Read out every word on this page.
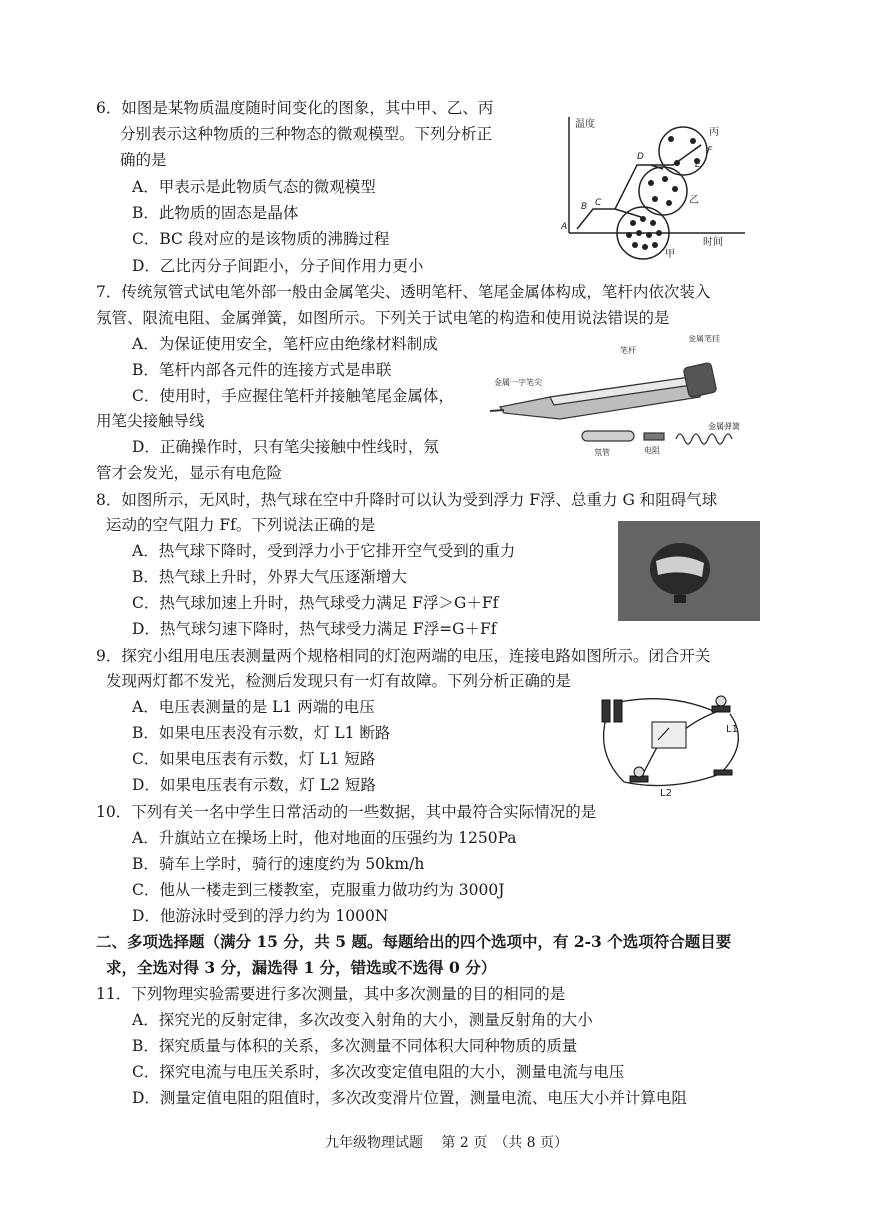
6．如图是某物质温度随时间变化的图象，其中甲、乙、丙
分别表示这种物质的三种物态的微观模型。下列分析正
确的是
A．甲表示是此物质气态的微观模型
B．此物质的固态是晶体
C．BC 段对应的是该物质的沸腾过程
D．乙比丙分子间距小，分子间作用力更小
温度
时间
A
B C
D
E
F
丙
乙
甲
7．传统氖管式试电笔外部一般由金属笔尖、透明笔杆、笔尾金属体构成，笔杆内依次装入
氖管、限流电阻、金属弹簧，如图所示。下列关于试电笔的构造和使用说法错误的是
A．为保证使用安全，笔杆应由绝缘材料制成
B．笔杆内部各元件的连接方式是串联
C．使用时，手应握住笔杆并接触笔尾金属体，
用笔尖接触导线
D．正确操作时，只有笔尖接触中性线时，氖
管才会发光，显示有电危险
笔杆
金属笔挂
金属一字笔尖
金属弹簧
氖管	电阻
8．如图所示，无风时，热气球在空中升降时可以认为受到浮力 F浮、总重力 G 和阻碍气球
运动的空气阻力 Ff。下列说法正确的是
A．热气球下降时，受到浮力小于它排开空气受到的重力
B．热气球上升时，外界大气压逐渐增大
C．热气球加速上升时，热气球受力满足 F浮＞G＋Ff
D．热气球匀速下降时，热气球受力满足 F浮=G＋Ff
9．探究小组用电压表测量两个规格相同的灯泡两端的电压，连接电路如图所示。闭合开关
发现两灯都不发光，检测后发现只有一灯有故障。下列分析正确的是
A．电压表测量的是 L1 两端的电压
B．如果电压表没有示数，灯 L1 断路
C．如果电压表有示数，灯 L1 短路
D．如果电压表有示数，灯 L2 短路
L1
L2
10．下列有关一名中学生日常活动的一些数据，其中最符合实际情况的是
A．升旗站立在操场上时，他对地面的压强约为 1250Pa
B．骑车上学时，骑行的速度约为 50km/h
C．他从一楼走到三楼教室，克服重力做功约为 3000J
D．他游泳时受到的浮力约为 1000N
二、多项选择题（满分 15 分，共 5 题。每题给出的四个选项中，有 2-3 个选项符合题目要
求，全选对得 3 分，漏选得 1 分，错选或不选得 0 分）
11．下列物理实验需要进行多次测量，其中多次测量的目的相同的是
A．探究光的反射定律，多次改变入射角的大小，测量反射角的大小
B．探究质量与体积的关系，多次测量不同体积大同种物质的质量
C．探究电流与电压关系时，多次改变定值电阻的大小，测量电流与电压
D．测量定值电阻的阻值时，多次改变滑片位置，测量电流、电压大小并计算电阻
九年级物理试题　 第 2 页　（共 8 页）
